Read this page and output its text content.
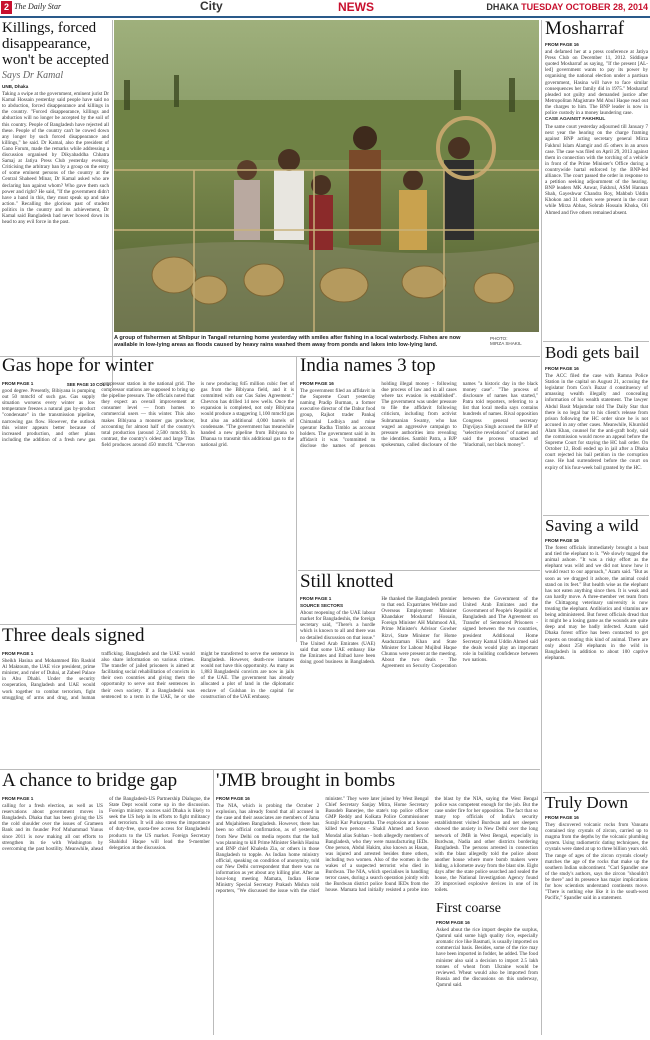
2 The Daily Star	City	NEWS	DHAKA TUESDAY OCTOBER 28, 2014
Killings, forced disappearance, won't be accepted
Says Dr Kamal
UNB, Dhaka

Taking a swipe at the government, eminent jurist Dr Kamal Hossain yesterday said people have said no to abduction, forced disappearance and killings in the country. "Forced disappearance, killings and abduction will no longer be accepted by the soil of this country. People of Bangladesh have rejected all these. People of the country can't be cowed down any longer by such forced disappearance and killings," he said. Dr Kamal, also the president of Gano Forum, made the remarks while addressing a discussion organised by Dikyabaddha Chhatra Samaj at Jatiya Press Club yesterday evening. Criticising the arbitrary ban by a group on the entry of some eminent persons of the country at the Central Shaheed Minar, Dr Kamal asked who are declaring ban against whom? Who gave them such power and right? He said, "If the government didn't have a hand in this, they must speak up and take action." Recalling the glorious past of student politics in the country and its achievement, Dr Kamal said Bangladesh had never bowed down its head to any evil force in the past.

SEE PAGE 10 COL 4
A group of fishermen at Shibpur in Tangail returning home yesterday with smiles after fishing in a local waterbody. Fishes are now available in low-lying areas as floods caused by heavy rains washed them away from ponds and lakes into low-lying land.
PHOTO:
MIRZA SHAKIL
Mosharraf
FROM PAGE 16

and defamed her at a press conference at Jatiya Press Club on December 11, 2012. Siddique quoted Mosharraf as saying, "If the present [AL-led] government wants to pay its power by organising the national election under a partisan government, Hasina will have to face similar consequences her family did in 1975." Mosharraf pleaded not guilty and demanded justice after Metropolitan Magistrate Md Abul Haque read out the charges to him. The BNP leader is now in police custody in a money laundering case.

CASE AGAINST FAKHRUL

The same court yesterday adjourned till January 7 next year the hearing on the charge framing against BNP acting secretary general Mirza Fakhrul Islam Alamgir and 45 others in an arson case. The case was filed on April 29, 2013 against them in connection with the torching of a vehicle in front of the Prime Minister's Office during a countrywide hartal enforced by the BNP-led alliance. The court passed the order in response to a petition seeking adjournment of the hearing. BNP leaders MK Anwar, Fakhrul, ASM Hannan Shah, Gayeshwar Chandra Roy, Mahbub Uddin Khokon and 31 others were present in the court while Mirza Abbas, Sohrab Hossain Khoka, Oli Ahmed and five others remained absent.

Bodi gets bail
FROM PAGE 16

The ACC filed the case with Ramna Police Station in the capital on August 21, accusing the legislator from Cox's Bazar 4 constituency of amassing wealth illegally and concealing information of his wealth statement. The lawyer Abdul Basit Majumdar told The Daily Star that there is no legal bar to his client's release from prison following the HC order since he is not accused in any other cases. Meanwhile, Khurshid Alam Khan, counsel for the anti-graft body, said the commission would move an appeal before the Supreme Court for staying the HC bail order. On October 12, Bodi ended up in jail after a Dhaka court rejected his bail petition in the corruption case. He had surrendered before the court on expiry of his four-week bail granted by the HC.

Saving a wild
FROM PAGE 16

The forest officials immediately brought a boat and tied the elephant to it. "We slowly tugged the animal ashore. "It was a risky effort as the elephant was wild and we did not know how it would react to our approach," Azam said. "But as soon as we dragged it ashore, the animal could stand on its feet." But health wise as the elephant has not eaten anything since then. It is weak and can hardly move. A three-member vet team from the Chittagong veterinary university is now treating the elephant. Antibiotics and vitamins are being administered. But forest officials dread that it might be a losing game as the wounds are quite deep and may be badly infected. Azam said Dhaka forest office has been contacted to get experts on treating this kind of animal. There are only about 250 elephants in the wild in Bangladesh in addition to about 100 captive elephants.

Truly Down
FROM PAGE 16

They discovered volcanic rocks from Vanuatu contained tiny crystals of zircon, carried up to magma from the depths by the volcanic plumbing system. Using radiometric dating techniques, the crystals were dated at up to three billion years old. The range of ages of the zircon crystals closely matches the age of the rocks that make up the southern Indian subcontinent. "Carl Spandler one of the study's authors, says the zircon "shouldn't be there" and its presence has major implications for how scientists understand continents move. "There is nothing else like it in the south-west Pacific," Spandler said in a statement.

Gas hope for winter
FROM PAGE 1

good degree. Presently, Bibiyana is pumping out 50 mmcfd of such gas. Gas supply situation worsens every winter as low temperature freezes a natural gas by-product "condensate" in the transmission pipeline, narrowing gas flow. However, the outlook this winter appears better because of increased production, and other plans including the addition of a fresh new gas compressor station in the national grid. The compressor stations are supposed to bring up the pipeline pressure. The officials noted that they expect an overall improvement at consumer level — from homes to commercial users — this winter. This also makes Bibiyana a monster gas producer, accounting for almost half of the country's total production (around 2,500 mmcfd). In contrast, the country's oldest and large Titas field produces around 450 mmcfd. "Chevron is now producing 845 million cubic feet of gas from the Bibiyana field, and it is committed with our Gas Sales Agreement." Chevron has drilled 14 new wells. Once the expansion is completed, not only Bibiyana would produce a staggering 1,100 mmcfd gas but also an additional 4,000 barrels of condensate. "The government has meanwhile handed a new pipeline from Bibiyana to Dhanua to transmit this additional gas to the national grid.

India names 3 top
FROM PAGE 16

The government filed an affidavit in the Supreme Court yesterday naming Pradip Burman, a former executive director of the Dabur food group, Rajkot trader Pankaj Chimanlal Lodhiya and mine operator Radha Timblo as account holders. The government said in its affidavit it was "committed to disclose the names of persons holding illegal money - following due process of law and in all cases where tax evasion is established". The government was under pressure to file the affidavit following criticism, including from activist Subramanian Swamy, who has waged an aggressive campaign to pressure authorities into revealing the identities. Sambit Patra, a BJP spokesman, called disclosure of the names "a historic day in the black money case". "The process of disclosure of names has started," Patra told reporters, referring to a list that local media says contains hundreds of names. Rival opposition Congress general secretary Digvijaya Singh accused the BJP of "selective revelations" of names and said the process smacked of "blackmail, not black money".

Still knotted
FROM PAGE 1
SOURCE SECTORS

About reopening of the UAE labour market for Bangladeshis, the foreign secretary said, "There's a hurdle which is known to all and there was no detailed discussion on that issue." The United Arab Emirates (UAE) said that some UAE embassy like the Emirates and Etihad have been doing good business in Bangladesh. He thanked the Bangladesh premier to that end. Expatriates Welfare and Overseas Employment Minister Khandaker Mosharraf Hossain, Foreign Minister AH Mahmood Ali, Prime Minister's Advisor Gowher Rizvi, State Minister for Home Asaduzzaman Khan and State Minister for Labour Mujibul Haque Chunnu were present at the meeting. About the two deals - The Agreement on Security Cooperation between the Government of the United Arab Emirates and the Government of People's Republic of Bangladesh and The Agreement on Transfer of Sentenced Prisoners - signed between the two countries, president Additional Home Secretary Kamal Uddin Ahmed said the deals would play an important role in building confidence between two nations.

Three deals signed
FROM PAGE 1

Sheikh Hasina and Mohammed Bin Rashid Al Maktoum, the UAE vice president, prime minister, and ruler of Dubai, at Zabeel Palace in Abu Dhabi. Under the security cooperation, Bangladesh and UAE would work together to combat terrorism, fight smuggling of arms and drug, and human trafficking. Bangladesh and the UAE would also share information on various crimes. The transfer of jailed prisoners is aimed at facilitating social rehabilitation of convicts in their own countries and giving them the opportunity to serve out their sentences in their own society. If a Bangladeshi was sentenced to a term in the UAE, he or she might be transferred to serve the sentence in Bangladesh. However, death-row inmates would not have this opportunity. As many as 1,883 Bangladeshi convicts are now in jails of the UAE. The government has already allocated a plot of land in the diplomatic enclave of Gulshan in the capital for construction of the UAE embassy.

A chance to bridge gap
FROM PAGE 1

calling for a fresh election, as well as US reservations about government moves in Bangladesh. Dhaka that has been giving the US the cold shoulder over the issues of Grameen Bank and its founder Prof Muhammad Yunus since 2011 is now making all out efforts to strengthen its tie with Washington by overcoming the past hostility. Meanwhile, ahead of the Bangladesh-US Partnership Dialogue, the State Dept would come up in the discussion. Foreign ministry sources said Dhaka is likely to seek the US help in its efforts to fight militancy and terrorism. It will also stress the importance of duty-free, quota-free access for Bangladeshi products to the US market. Foreign Secretary Shahidul Haque will lead the 9-member delegation at the discussion.

'JMB brought in bombs
FROM PAGE 16

The NIA, which is probing the October 2 explosion, has already found that all accused in the case and their associates are members of Jama and Mujahideen Bangladesh. However, there has been no official confirmation, as of yesterday, from New Delhi on media reports that the ball was planning to kill Prime Minister Sheikh Hasina and BNP chief Khaleda Zia, or others in those Bangladesh to topple. As Indian home ministry official, speaking on condition of anonymity, told our New Delhi correspondent that there was no information as yet about any killing plot. After an hour-long meeting Mamata, Indian Home Ministry Special Secretary Prakash Mishra told reporters, "We discussed the issue with the chief minister." They were later joined by West Bengal Chief Secretary Sanjay Mitra, Home Secretary Basudeb Banerjee, the state's top police officer GMP Reddy and Kolkata Police Commissioner Surajit Kar Purkayastha. The explosion at a house killed two persons - Shakil Ahmed and Suvon Mondal alias Subhan - both allegedly members of Bangladesh, who they were manufacturing IEDs. One person, Abdul Hakim, also known as Hasan, was injured and arrested besides three others, including two women. Also of the women in the wakes of a suspected terrorist who died in Burdwan. The NIA, which specialises in handling terror cases, during a search operation jointly with the Burdwan district police found IEDs from the house. Mamata had initially resisted a probe into the blast by the NIA, saying the West Bengal police was competent enough for the job. But the case under fire for her opposition. The fact that so many top officials of India's security establishment visited Burdwan and net sleepers showed the anxiety in New Delhi over the long network of JMB in West Bengal, especially in Burdwan, Nadia and other districts bordering Bangladesh. The persons arrested in connection with the blast allegedly told the police about another house where more bomb makers were hiding, a kilometre away from the blast site. Eight days after the state police searched and sealed the house, the National Investigation Agency found 39 improvised explosive devices in one of its toilets.

First coarse
FROM PAGE 16

Asked about the rice import despite the surplus, Qamrul said some high quality rice, especially aromatic rice like Basmati, is usually imported on commercial basis. Besides, some of the rice may have been imported in fodder, he added. The food minister also said a decision to import 2.5 lakh tonnes of wheat from Ukraine would be reviewed. Wheat would also be imported from Russia and the discussions on this underway, Qamrul said.
